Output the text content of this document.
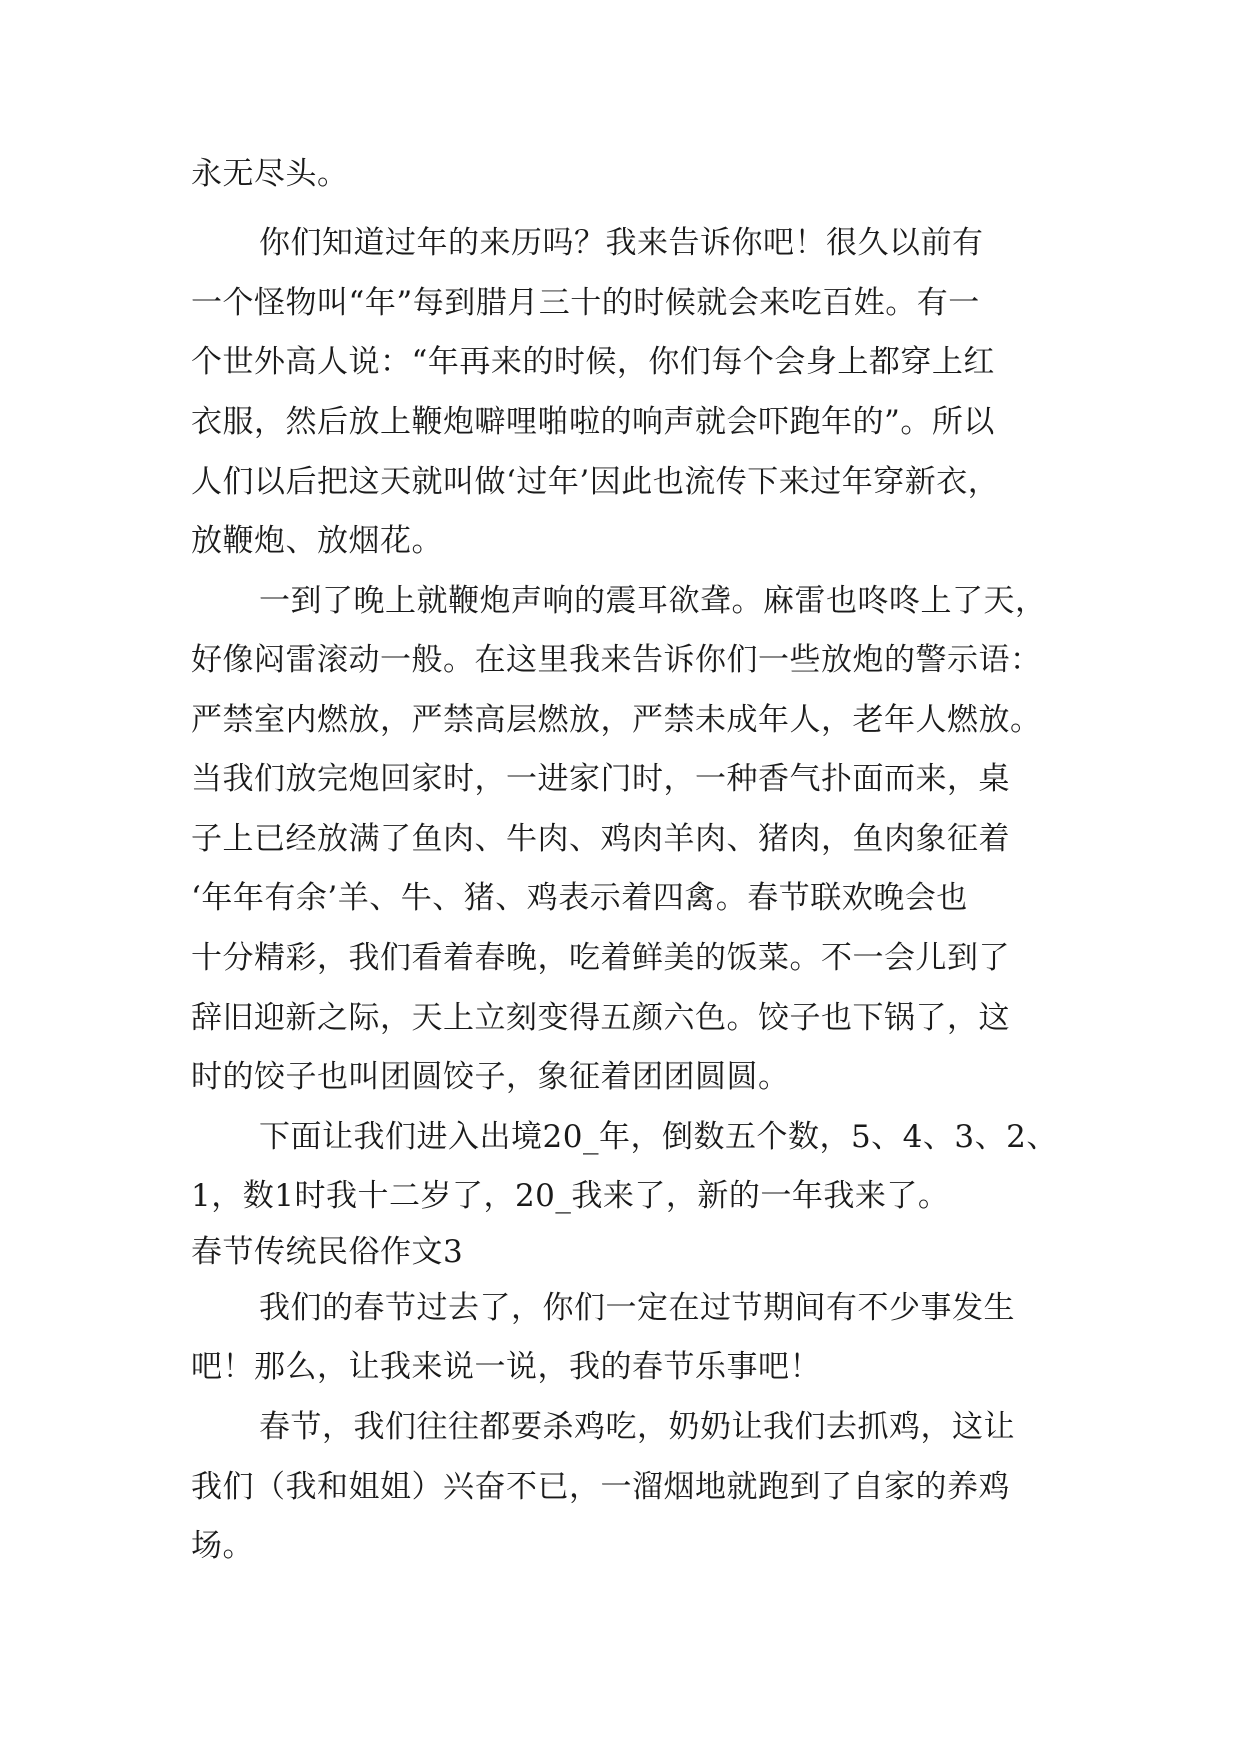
永无尽头。
你们知道过年的来历吗？我来告诉你吧！很久以前有
一个怪物叫“年”每到腊月三十的时候就会来吃百姓。有一
个世外高人说：“年再来的时候，你们每个会身上都穿上红
衣服，然后放上鞭炮噼哩啪啦的响声就会吓跑年的”。所以
人们以后把这天就叫做‘过年’因此也流传下来过年穿新衣，
放鞭炮、放烟花。
一到了晚上就鞭炮声响的震耳欲聋。麻雷也咚咚上了天，
好像闷雷滚动一般。在这里我来告诉你们一些放炮的警示语：
严禁室内燃放，严禁高层燃放，严禁未成年人，老年人燃放。
当我们放完炮回家时，一进家门时，一种香气扑面而来，桌
子上已经放满了鱼肉、牛肉、鸡肉羊肉、猪肉，鱼肉象征着
‘年年有余’羊、牛、猪、鸡表示着四禽。春节联欢晚会也
十分精彩，我们看着春晚，吃着鲜美的饭菜。不一会儿到了
辞旧迎新之际，天上立刻变得五颜六色。饺子也下锅了，这
时的饺子也叫团圆饺子，象征着团团圆圆。
下面让我们进入出境20_年，倒数五个数，5、4、3、2、
1，数1时我十二岁了，20_我来了，新的一年我来了。
春节传统民俗作文3
我们的春节过去了，你们一定在过节期间有不少事发生
吧！那么，让我来说一说，我的春节乐事吧！
春节，我们往往都要杀鸡吃，奶奶让我们去抓鸡，这让
我们（我和姐姐）兴奋不已，一溜烟地就跑到了自家的养鸡
场。
